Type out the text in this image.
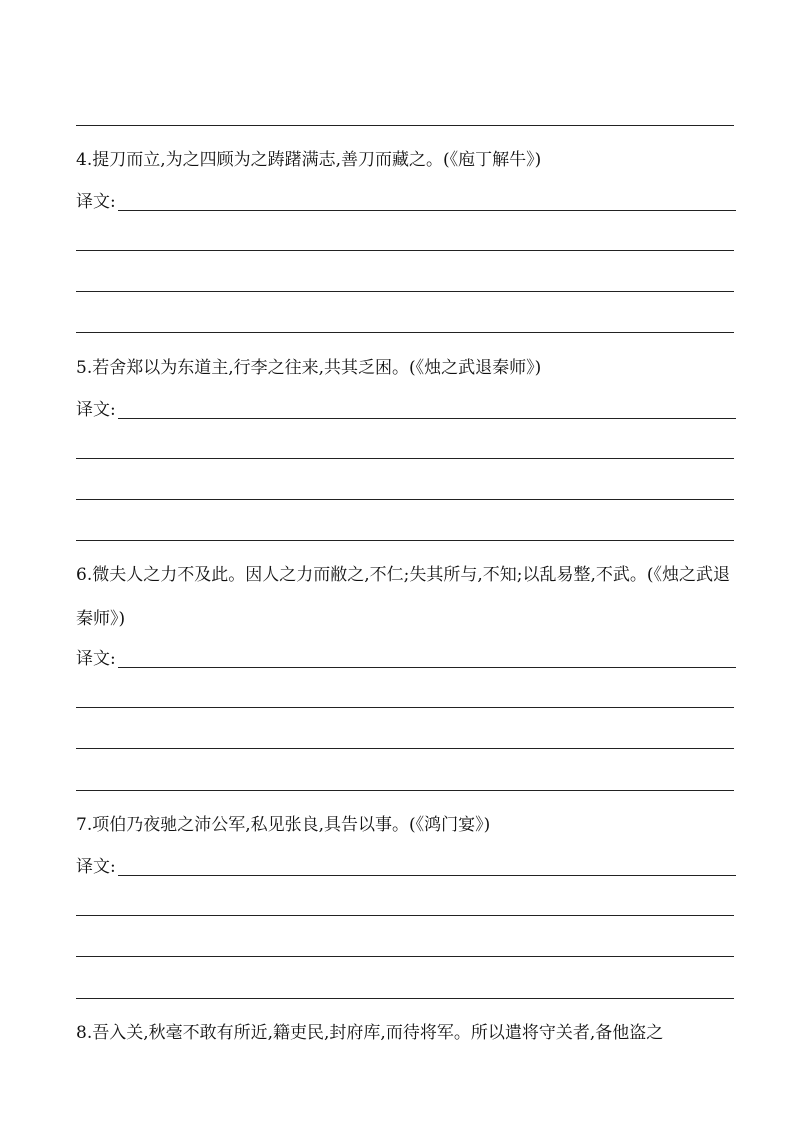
4.提刀而立,为之四顾为之踌躇满志,善刀而藏之。(《庖丁解牛》)
译文:
5.若舍郑以为东道主,行李之往来,共其乏困。(《烛之武退秦师》)
译文:
6.微夫人之力不及此。因人之力而敝之,不仁;失其所与,不知;以乱易整,不武。(《烛之武退秦师》)
译文:
7.项伯乃夜驰之沛公军,私见张良,具告以事。(《鸿门宴》)
译文:
8.吾入关,秋毫不敢有所近,籍吏民,封府库,而待将军。所以遣将守关者,备他盗之
